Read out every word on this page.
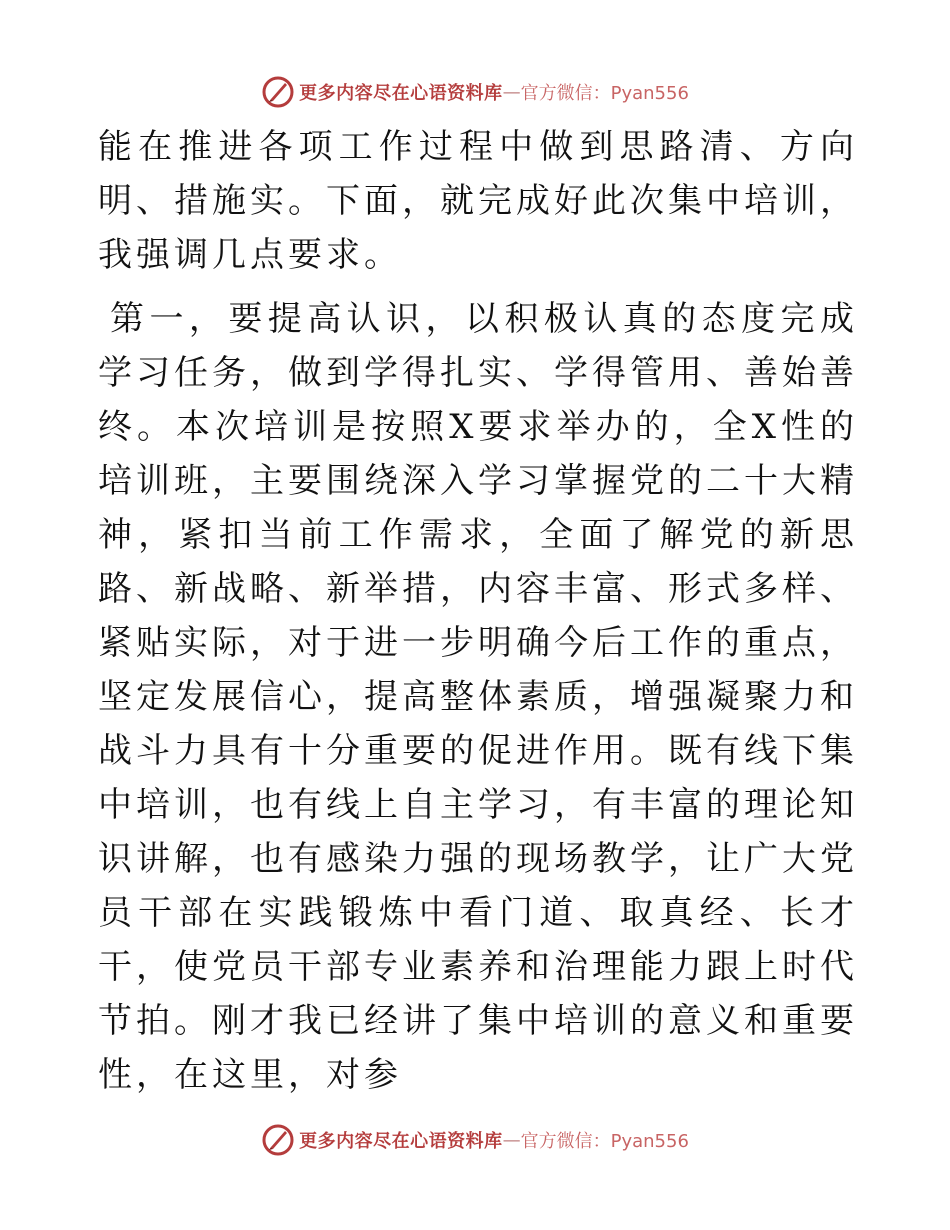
更多内容尽在心语资料库 — 官方微信：Pyan556

能在推进各项工作过程中做到思路清、方向明、措施实。下面，就完成好此次集中培训，我强调几点要求。

第一，要提高认识，以积极认真的态度完成学习任务，做到学得扎实、学得管用、善始善终。本次培训是按照X要求举办的，全X性的培训班，主要围绕深入学习掌握党的二十大精神，紧扣当前工作需求，全面了解党的新思路、新战略、新举措，内容丰富、形式多样、紧贴实际，对于进一步明确今后工作的重点，坚定发展信心，提高整体素质，增强凝聚力和战斗力具有十分重要的促进作用。既有线下集中培训，也有线上自主学习，有丰富的理论知识讲解，也有感染力强的现场教学，让广大党员干部在实践锻炼中看门道、取真经、长才干，使党员干部专业素养和治理能力跟上时代节拍。刚才我已经讲了集中培训的意义和重要性，在这里，对参

更多内容尽在心语资料库 — 官方微信：Pyan556
